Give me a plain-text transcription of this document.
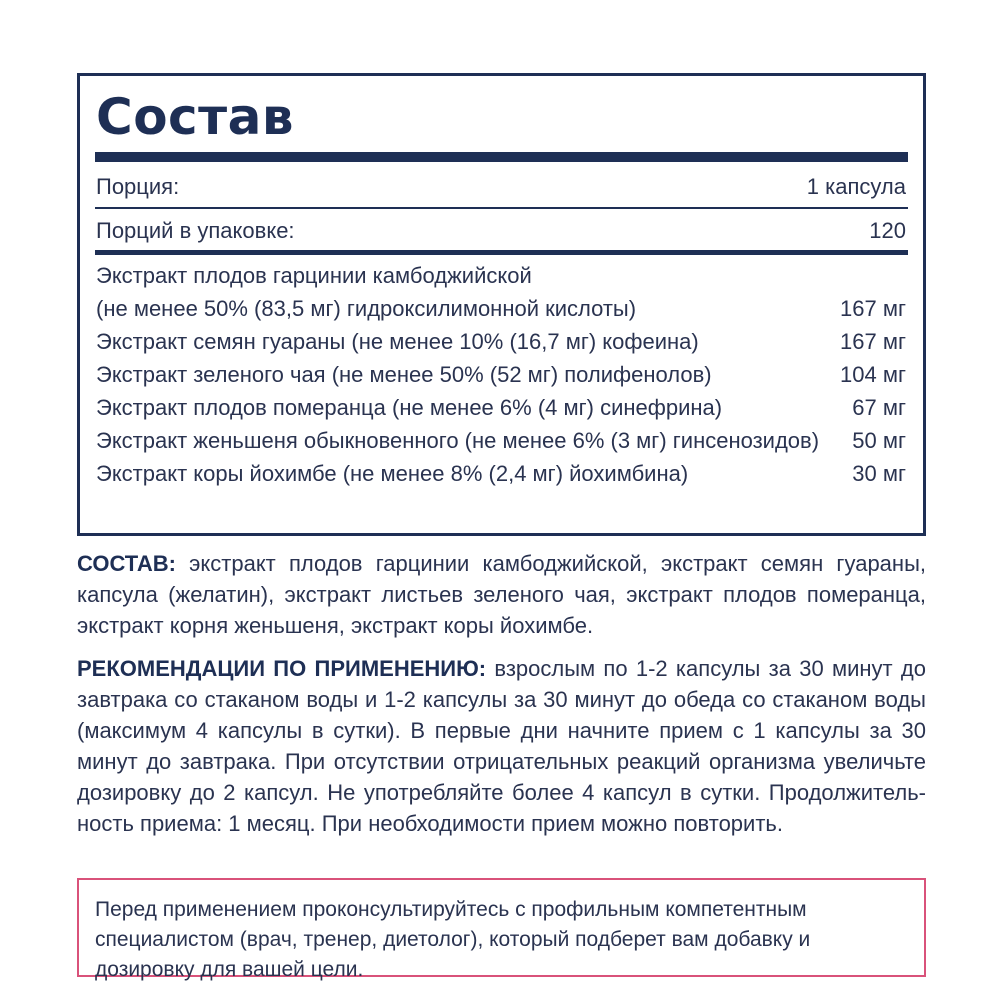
Состав
Порция:	1 капсула
Порций в упаковке:	120
Экстракт плодов гарцинии камбоджийской
(не менее 50% (83,5 мг) гидроксилимонной кислоты)	167 мг
Экстракт семян гуараны (не менее 10% (16,7 мг) кофеина)	167 мг
Экстракт зеленого чая (не менее 50% (52 мг) полифенолов)	104 мг
Экстракт плодов померанца (не менее 6% (4 мг) синефрина)	67 мг
Экстракт женьшеня обыкновенного (не менее 6% (3 мг) гинсенозидов) 50 мг
Экстракт коры йохимбе (не менее 8% (2,4 мг) йохимбина)	30 мг

СОСТАВ: экстракт плодов гарцинии камбоджийской, экстракт семян гуараны, капсула (желатин), экстракт листьев зеленого чая, экстракт плодов померанца, экстракт корня женьшеня, экстракт коры йохимбе.

РЕКОМЕНДАЦИИ ПО ПРИМЕНЕНИЮ: взрослым по 1-2 капсулы за 30 минут до завтрака со стаканом воды и 1-2 капсулы за 30 минут до обеда со стаканом воды (максимум 4 капсулы в сутки). В первые дни начните прием с 1 капсулы за 30 минут до завтрака. При отсутствии отрицательных реакций организма увеличьте дозировку до 2 капсул. Не употребляйте более 4 капсул в сутки. Продолжительность приема: 1 месяц. При необходимости прием можно повторить.

Перед применением проконсультируйтесь с профильным компетентным специалистом (врач, тренер, диетолог), который подберет вам добавку и дозировку для вашей цели.
